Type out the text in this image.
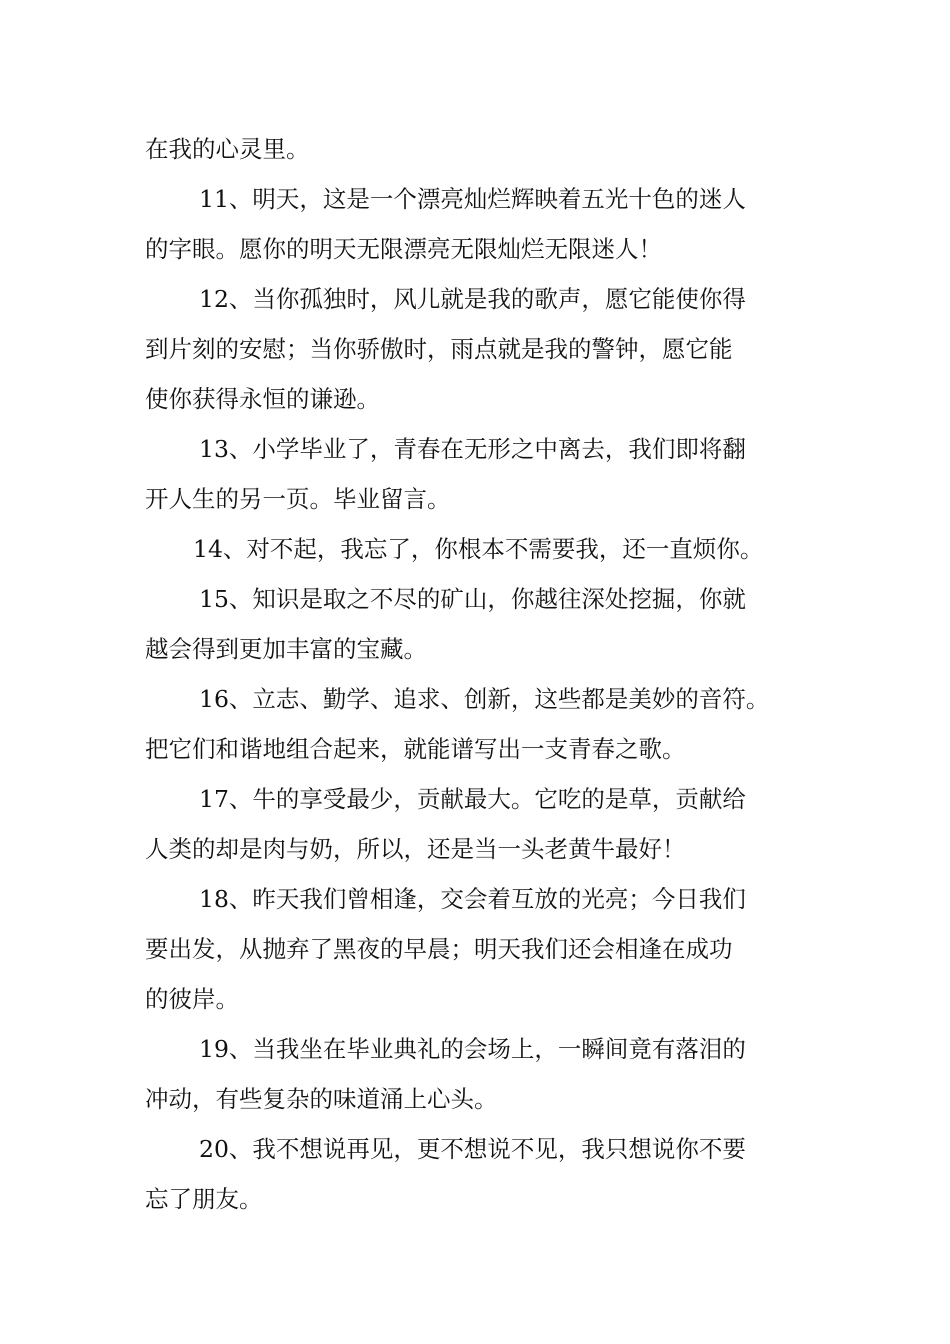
在我的心灵里。
11、明天，这是一个漂亮灿烂辉映着五光十色的迷人
的字眼。愿你的明天无限漂亮无限灿烂无限迷人！
12、当你孤独时，风儿就是我的歌声，愿它能使你得
到片刻的安慰；当你骄傲时，雨点就是我的警钟，愿它能
使你获得永恒的谦逊。
13、小学毕业了，青春在无形之中离去，我们即将翻
开人生的另一页。毕业留言。
14、对不起，我忘了，你根本不需要我，还一直烦你。
15、知识是取之不尽的矿山，你越往深处挖掘，你就
越会得到更加丰富的宝藏。
16、立志、勤学、追求、创新，这些都是美妙的音符。
把它们和谐地组合起来，就能谱写出一支青春之歌。
17、牛的享受最少，贡献最大。它吃的是草，贡献给
人类的却是肉与奶，所以，还是当一头老黄牛最好！
18、昨天我们曾相逢，交会着互放的光亮；今日我们
要出发，从抛弃了黑夜的早晨；明天我们还会相逢在成功
的彼岸。
19、当我坐在毕业典礼的会场上，一瞬间竟有落泪的
冲动，有些复杂的味道涌上心头。
20、我不想说再见，更不想说不见，我只想说你不要
忘了朋友。
